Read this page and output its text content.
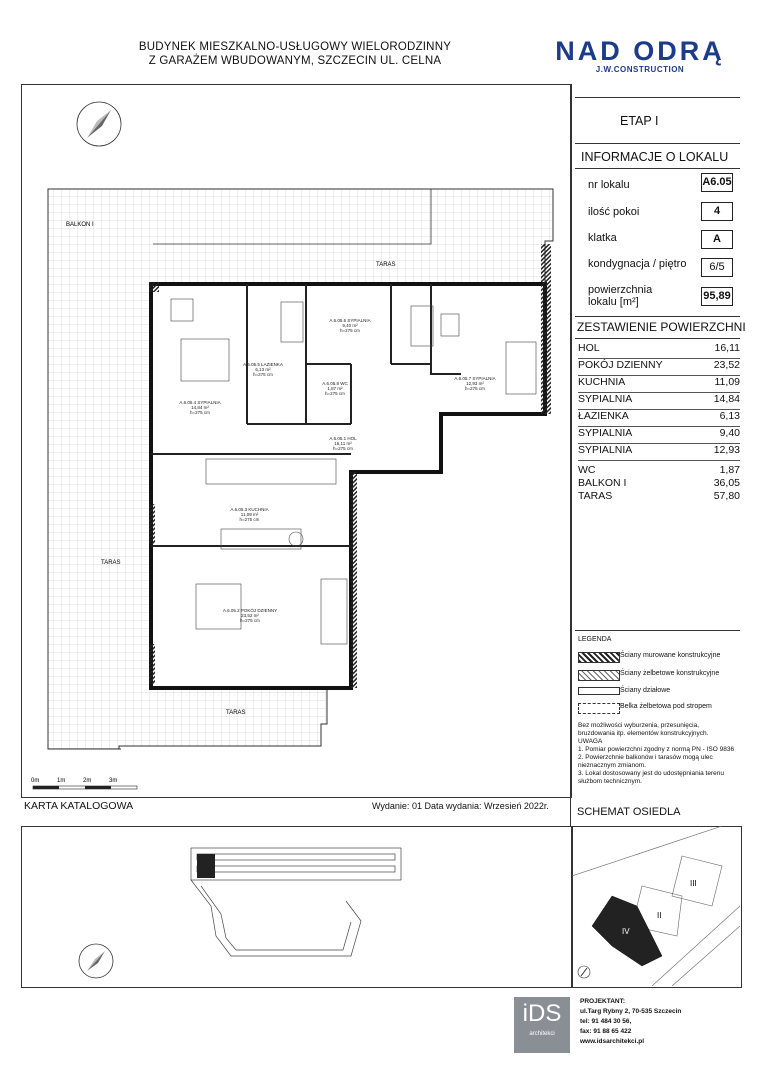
BUDYNEK MIESZKALNO-USŁUGOWY WIELORODZINNY
Z GARAŻEM WBUDOWANYM, SZCZECIN UL. CELNA	NAD ODRĄ
J.W.CONSTRUCTION
ETAP I
INFORMACJE O LOKALU
nr lokalu	A6.05
ilość pokoi	4
klatka	A
kondygnacja / piętro	6/5
powierzchnia
lokalu [m²]	95,89
ZESTAWIENIE POWIERZCHNI
HOL	16,11
POKÓJ DZIENNY	23,52
KUCHNIA	11,09
SYPIALNIA	14,84
ŁAZIENKA	6,13
SYPIALNIA	9,40
SYPIALNIA	12,93
WC	1,87
BALKON I	36,05
TARAS	57,80
LEGENDA
Ściany murowane konstrukcyjne
Ściany żelbetowe konstrukcyjne
Ściany działowe
Belka żelbetowa pod stropem
Bez możliwości wyburzenia, przesunięcia, bruzdowania itp. elementów konstrukcyjnych.
UWAGA
1. Pomiar powierzchni zgodny z normą PN - ISO 9836
2. Powierzchnie balkonów i tarasów mogą ulec nieznacznym zmianom.
3. Lokal dostosowany jest do udostępniania terenu służbom technicznym.
BALKON I
TARAS
TARAS
TARAS
0m	1m	2m	3m
A.6.05.5 ŁAZIENKA
6,13 m²
h=275 cm
A.6.05.6 SYPIALNIA
9,40 m²
h=275 cm
A.6.05.4 SYPIALNIA
14,84 m²
h=275 cm
A.6.05.8 WC
1,87 m²
h=275 cm
A.6.05.7 SYPIALNIA
12,93 m²
h=275 cm
A.6.05.1 HOL
16,11 m²
h=275 cm
A.6.05.3 KUCHNIA
11,09 m²
h=275 cm
A.6.05.2 POKÓJ DZIENNY
23,52 m²
h=275 cm
KARTA KATALOGOWA	Wydanie: 01 Data wydania: Wrzesień 2022r.	SCHEMAT OSIEDLA
II
III
IV
iDS
architekci
PROJEKTANT:
ul.Targ Rybny 2, 70-535 Szczecin
tel: 91 484 30 56,
fax: 91 88 65 422
www.idsarchitekci.pl
